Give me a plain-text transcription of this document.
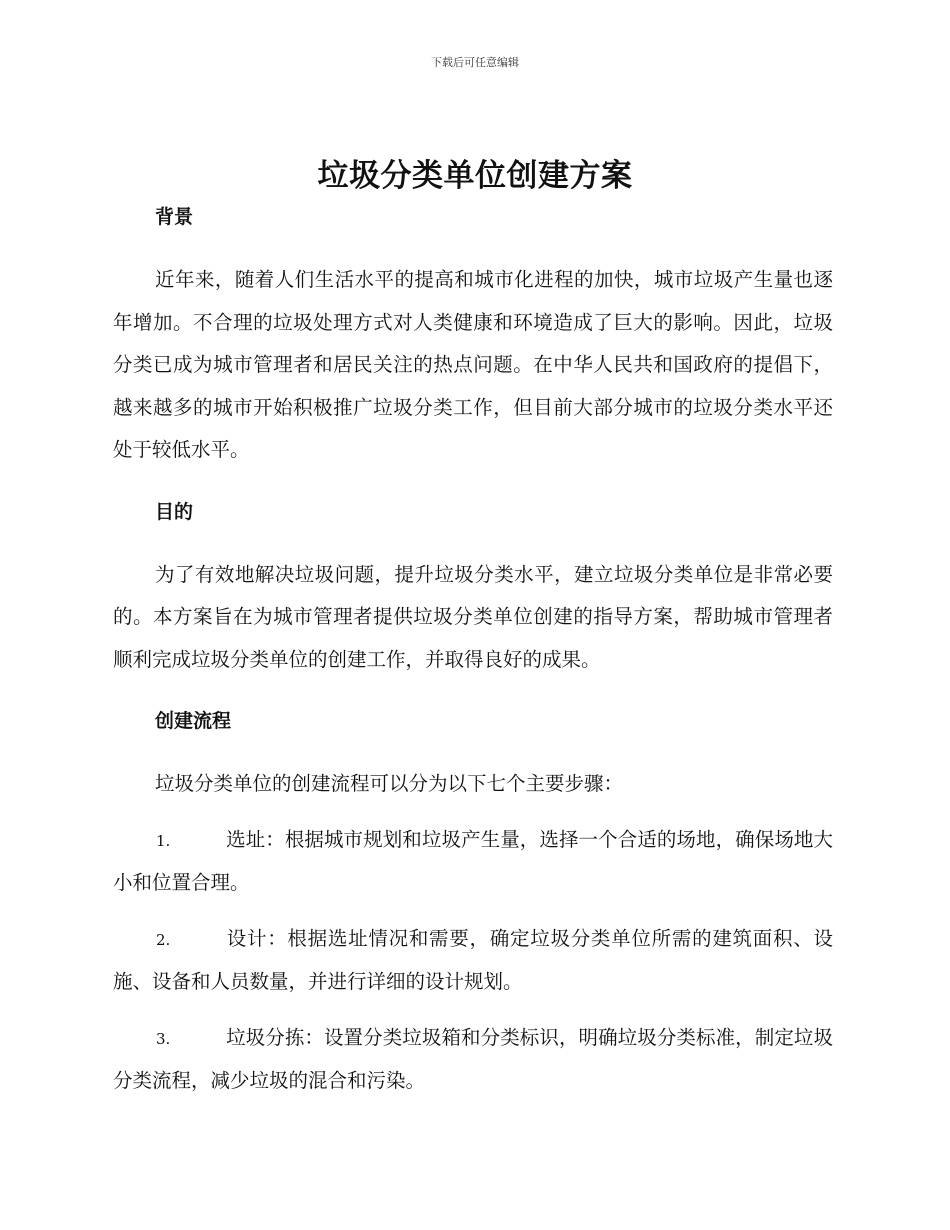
下载后可任意编辑
垃圾分类单位创建方案
背景

近年来，随着人们生活水平的提高和城市化进程的加快，城市垃圾产生量也逐年增加。不合理的垃圾处理方式对人类健康和环境造成了巨大的影响。因此，垃圾分类已成为城市管理者和居民关注的热点问题。在中华人民共和国政府的提倡下，越来越多的城市开始积极推广垃圾分类工作，但目前大部分城市的垃圾分类水平还处于较低水平。

目的

为了有效地解决垃圾问题，提升垃圾分类水平，建立垃圾分类单位是非常必要的。本方案旨在为城市管理者提供垃圾分类单位创建的指导方案，帮助城市管理者顺利完成垃圾分类单位的创建工作，并取得良好的成果。

创建流程

垃圾分类单位的创建流程可以分为以下七个主要步骤：

1.	选址：根据城市规划和垃圾产生量，选择一个合适的场地，确保场地大小和位置合理。

2.	设计：根据选址情况和需要，确定垃圾分类单位所需的建筑面积、设施、设备和人员数量，并进行详细的设计规划。

3.	垃圾分拣：设置分类垃圾箱和分类标识，明确垃圾分类标准，制定垃圾分类流程，减少垃圾的混合和污染。
